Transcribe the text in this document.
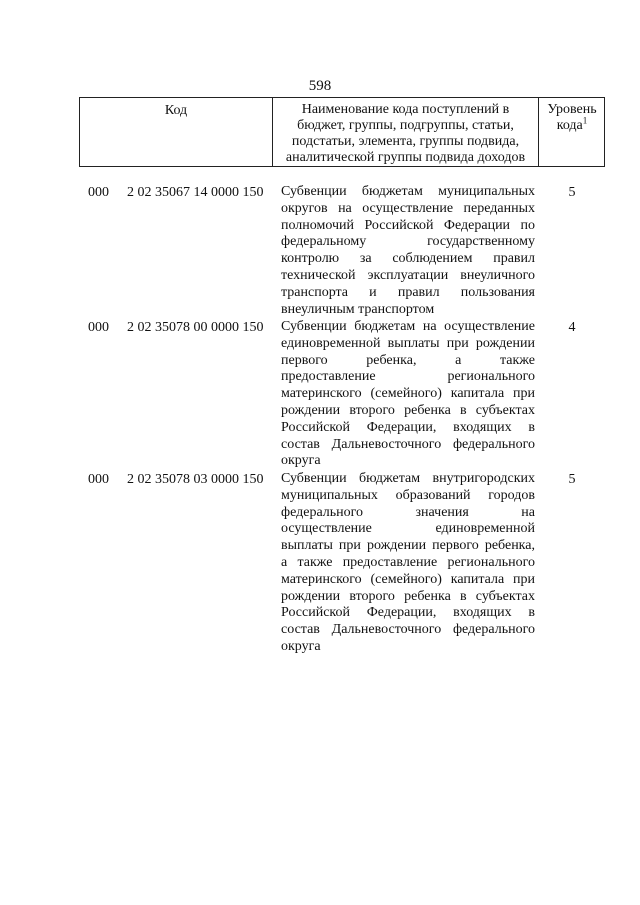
598
Код	Наименование кода поступлений в
бюджет, группы, подгруппы, статьи,
подстатьи, элемента, группы подвида,
аналитической группы подвида доходов
Уровень
кода$^1$
000 2 02 35067 14 0000 150 Субвенции бюджетам муниципальных
округов на осуществление переданных
полномочий Российской Федерации по
федеральному государственному
контролю за соблюдением правил
технической эксплуатации внеуличного
транспорта и правил пользования
внеуличным транспортом
5
000 2 02 35078 00 0000 150 Субвенции бюджетам на осуществление
единовременной выплаты при рождении
первого ребенка, а также
предоставление регионального
материнского (семейного) капитала при
рождении второго ребенка в субъектах
Российской Федерации, входящих в
состав Дальневосточного федерального
округа
4
000 2 02 35078 03 0000 150 Субвенции бюджетам внутригородских
муниципальных образований городов
федерального значения на
осуществление единовременной
выплаты при рождении первого ребенка,
а также предоставление регионального
материнского (семейного) капитала при
рождении второго ребенка в субъектах
Российской Федерации, входящих в
состав Дальневосточного федерального
округа
5
